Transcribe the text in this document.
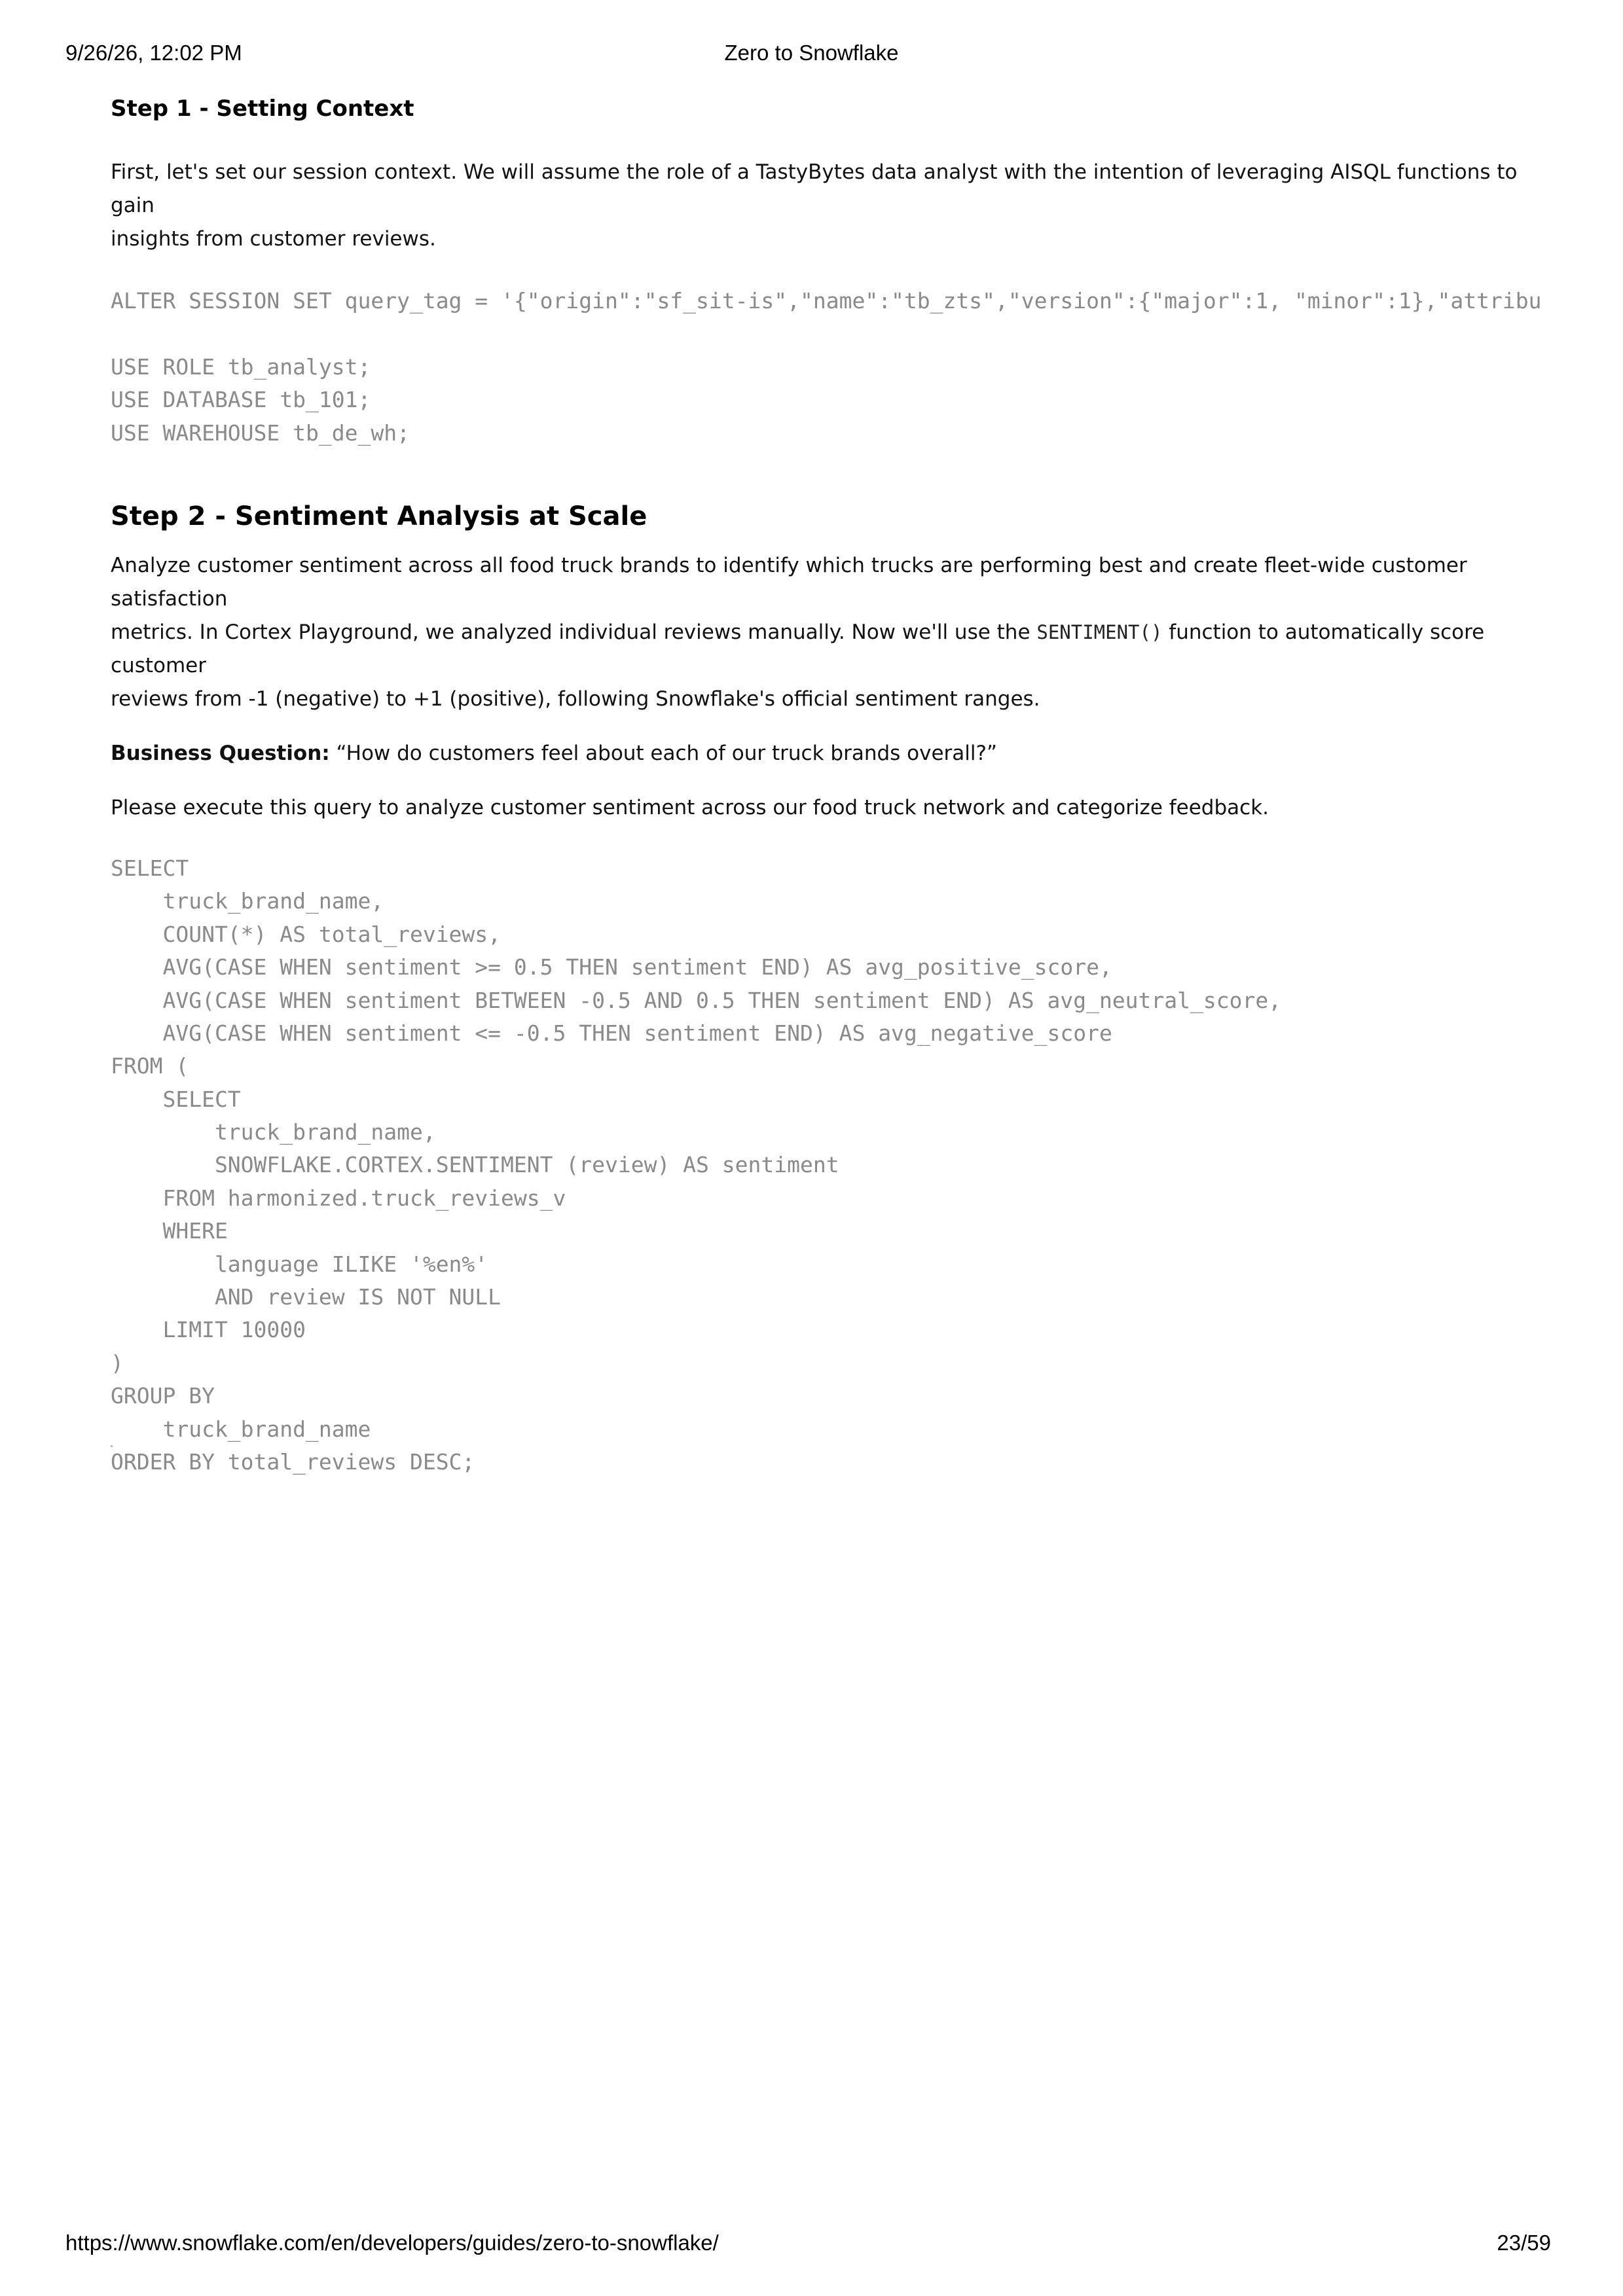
9/26/26, 12:02 PM	Zero to Snowflake
Step 1 - Setting Context

First, let's set our session context. We will assume the role of a TastyBytes data analyst with the intention of leveraging AISQL functions to gain
insights from customer reviews.

ALTER SESSION SET query_tag = '{"origin":"sf_sit-is","name":"tb_zts","version":{"major":1, "minor":1},"attribu

USE ROLE tb_analyst;
USE DATABASE tb_101;
USE WAREHOUSE tb_de_wh;
Step 2 - Sentiment Analysis at Scale

Analyze customer sentiment across all food truck brands to identify which trucks are performing best and create fleet-wide customer satisfaction
metrics. In Cortex Playground, we analyzed individual reviews manually. Now we'll use the SENTIMENT() function to automatically score customer
reviews from -1 (negative) to +1 (positive), following Snowflake's official sentiment ranges.

Business Question: “How do customers feel about each of our truck brands overall?”

Please execute this query to analyze customer sentiment across our food truck network and categorize feedback.

SELECT
truck_brand_name,
COUNT(*) AS total_reviews,
AVG(CASE WHEN sentiment >= 0.5 THEN sentiment END) AS avg_positive_score,
AVG(CASE WHEN sentiment BETWEEN -0.5 AND 0.5 THEN sentiment END) AS avg_neutral_score,
AVG(CASE WHEN sentiment <= -0.5 THEN sentiment END) AS avg_negative_score
FROM (
SELECT
truck_brand_name,
SNOWFLAKE.CORTEX.SENTIMENT (review) AS sentiment
FROM harmonized.truck_reviews_v
WHERE
language ILIKE '%en%'
AND review IS NOT NULL
LIMIT 10000
)
GROUP BY
truck_brand_name
ORDER BY total_reviews DESC;
https://www.snowflake.com/en/developers/guides/zero-to-snowflake/	23/59
